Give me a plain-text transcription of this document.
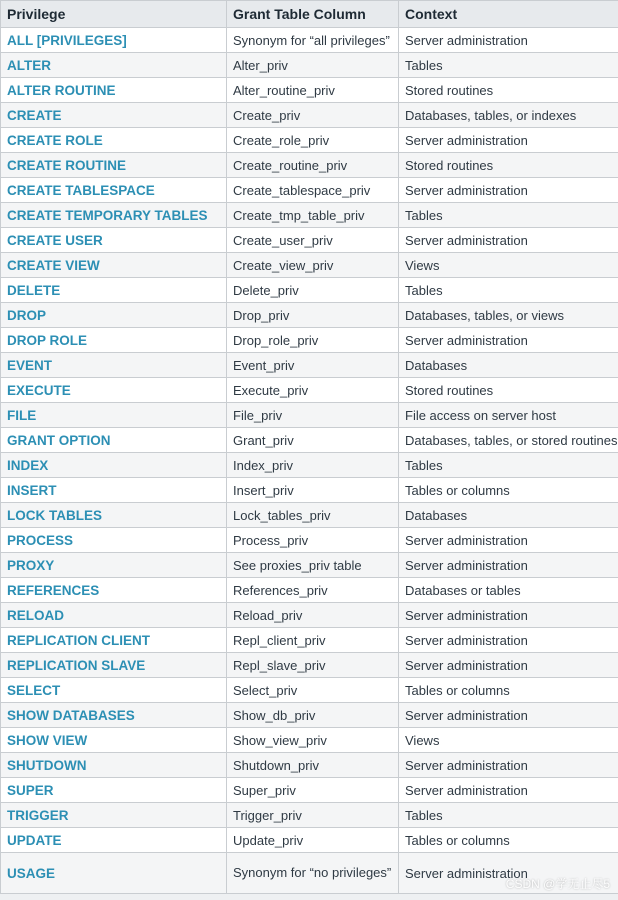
Privilege	Grant Table Column	Context
ALL [PRIVILEGES]	Synonym for “all privileges”	Server administration
ALTER	Alter_priv	Tables
ALTER ROUTINE	Alter_routine_priv	Stored routines
CREATE	Create_priv	Databases, tables, or indexes
CREATE ROLE	Create_role_priv	Server administration
CREATE ROUTINE	Create_routine_priv	Stored routines
CREATE TABLESPACE	Create_tablespace_priv	Server administration
CREATE TEMPORARY TABLES	Create_tmp_table_priv	Tables
CREATE USER	Create_user_priv	Server administration
CREATE VIEW	Create_view_priv	Views
DELETE	Delete_priv	Tables
DROP	Drop_priv	Databases, tables, or views
DROP ROLE	Drop_role_priv	Server administration
EVENT	Event_priv	Databases
EXECUTE	Execute_priv	Stored routines
FILE	File_priv	File access on server host
GRANT OPTION	Grant_priv	Databases, tables, or stored routines
INDEX	Index_priv	Tables
INSERT	Insert_priv	Tables or columns
LOCK TABLES	Lock_tables_priv	Databases
PROCESS	Process_priv	Server administration
PROXY	See proxies_priv table	Server administration
REFERENCES	References_priv	Databases or tables
RELOAD	Reload_priv	Server administration
REPLICATION CLIENT	Repl_client_priv	Server administration
REPLICATION SLAVE	Repl_slave_priv	Server administration
SELECT	Select_priv	Tables or columns
SHOW DATABASES	Show_db_priv	Server administration
SHOW VIEW	Show_view_priv	Views
SHUTDOWN	Shutdown_priv	Server administration
SUPER	Super_priv	Server administration
TRIGGER	Trigger_priv	Tables
UPDATE	Update_priv	Tables or columns
USAGE	Synonym for “no privileges”	Server administration
CSDN @学无止尽5
